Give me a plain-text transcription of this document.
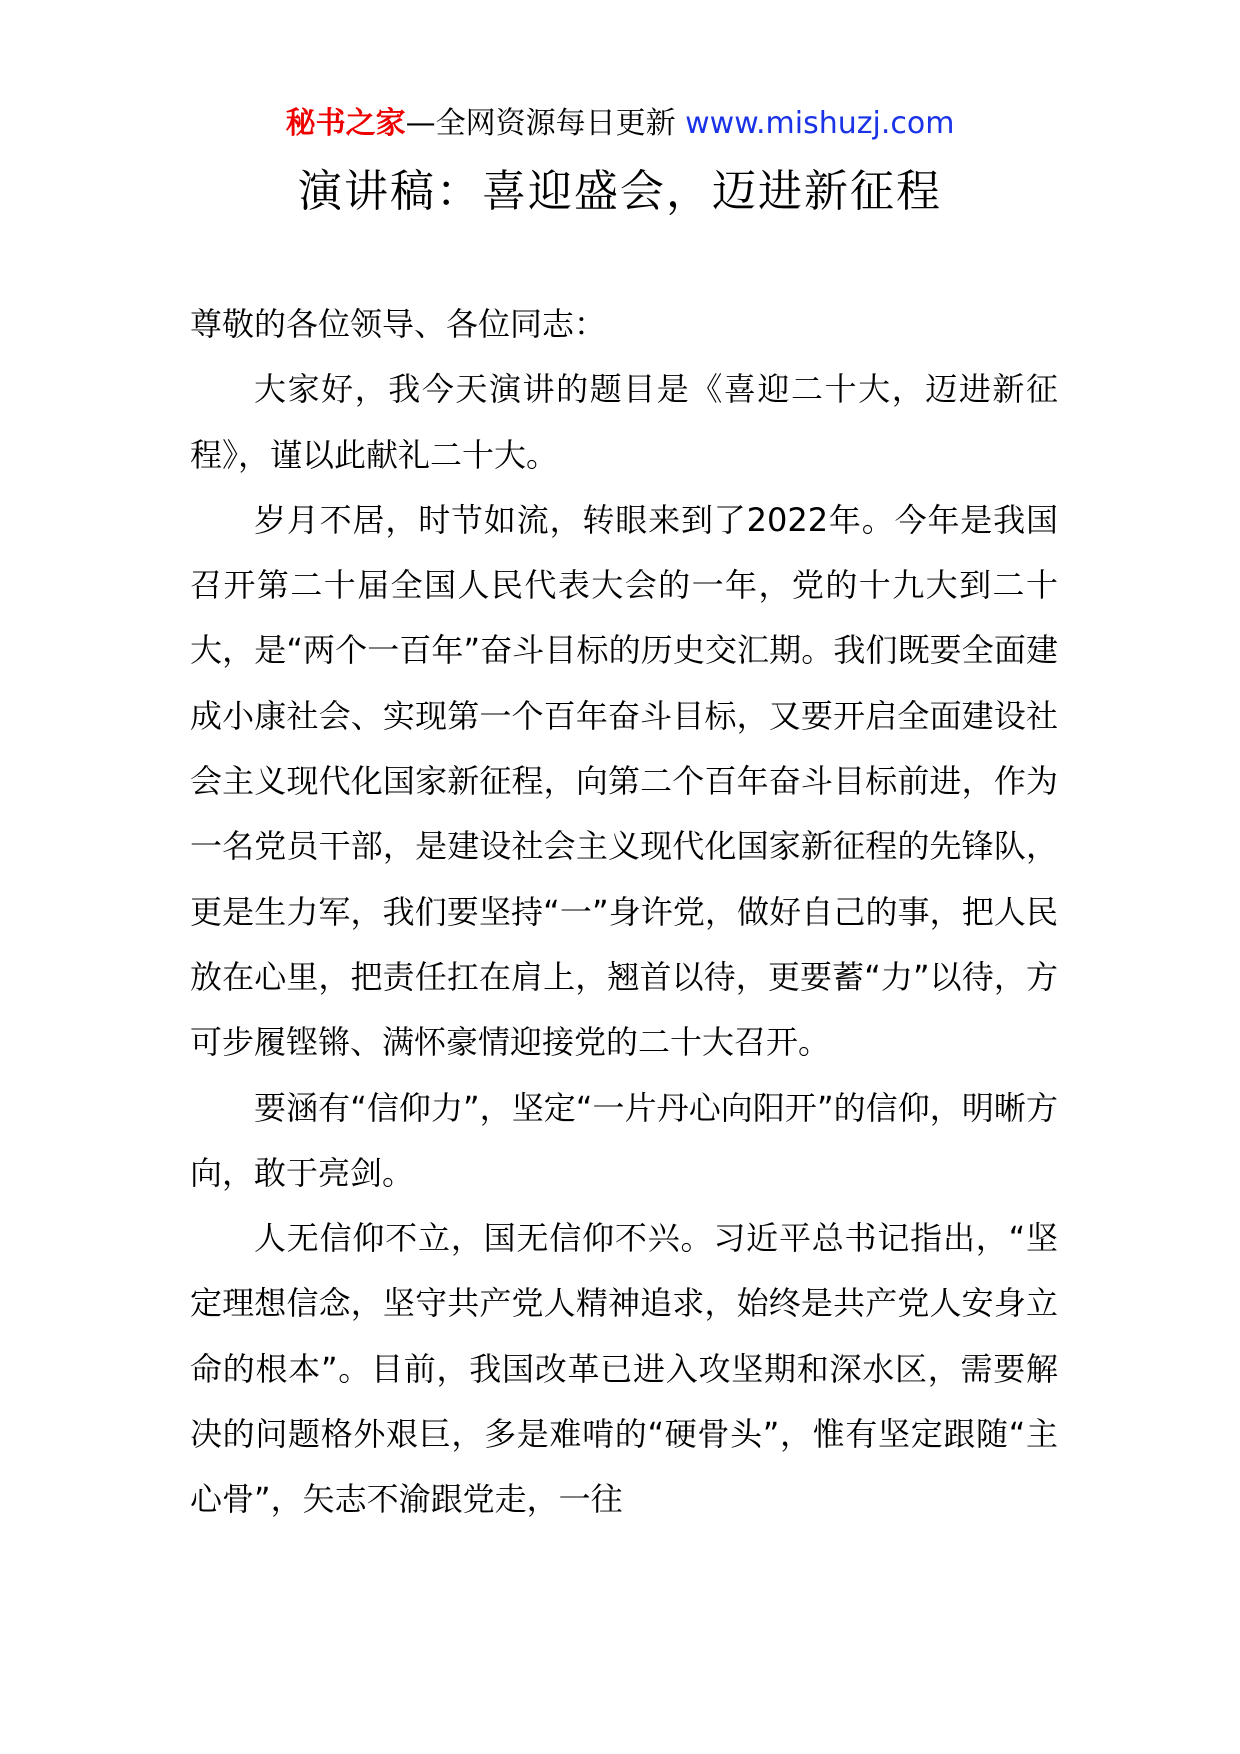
秘书之家—全网资源每日更新 www.mishuzj.com
演讲稿：喜迎盛会，迈进新征程

尊敬的各位领导、各位同志：

大家好，我今天演讲的题目是《喜迎二十大，迈进新征程》，谨以此献礼二十大。

岁月不居，时节如流，转眼来到了2022年。今年是我国召开第二十届全国人民代表大会的一年，党的十九大到二十大，是“两个一百年”奋斗目标的历史交汇期。我们既要全面建成小康社会、实现第一个百年奋斗目标，又要开启全面建设社会主义现代化国家新征程，向第二个百年奋斗目标前进，作为一名党员干部，是建设社会主义现代化国家新征程的先锋队，更是生力军，我们要坚持“一”身许党，做好自己的事，把人民放在心里，把责任扛在肩上，翘首以待，更要蓄“力”以待，方可步履铿锵、满怀豪情迎接党的二十大召开。

要涵有“信仰力”，坚定“一片丹心向阳开”的信仰，明晰方向，敢于亮剑。

人无信仰不立，国无信仰不兴。习近平总书记指出，“坚定理想信念，坚守共产党人精神追求，始终是共产党人安身立命的根本”。目前，我国改革已进入攻坚期和深水区，需要解决的问题格外艰巨，多是难啃的“硬骨头”，惟有坚定跟随“主心骨”，矢志不渝跟党走，一往
